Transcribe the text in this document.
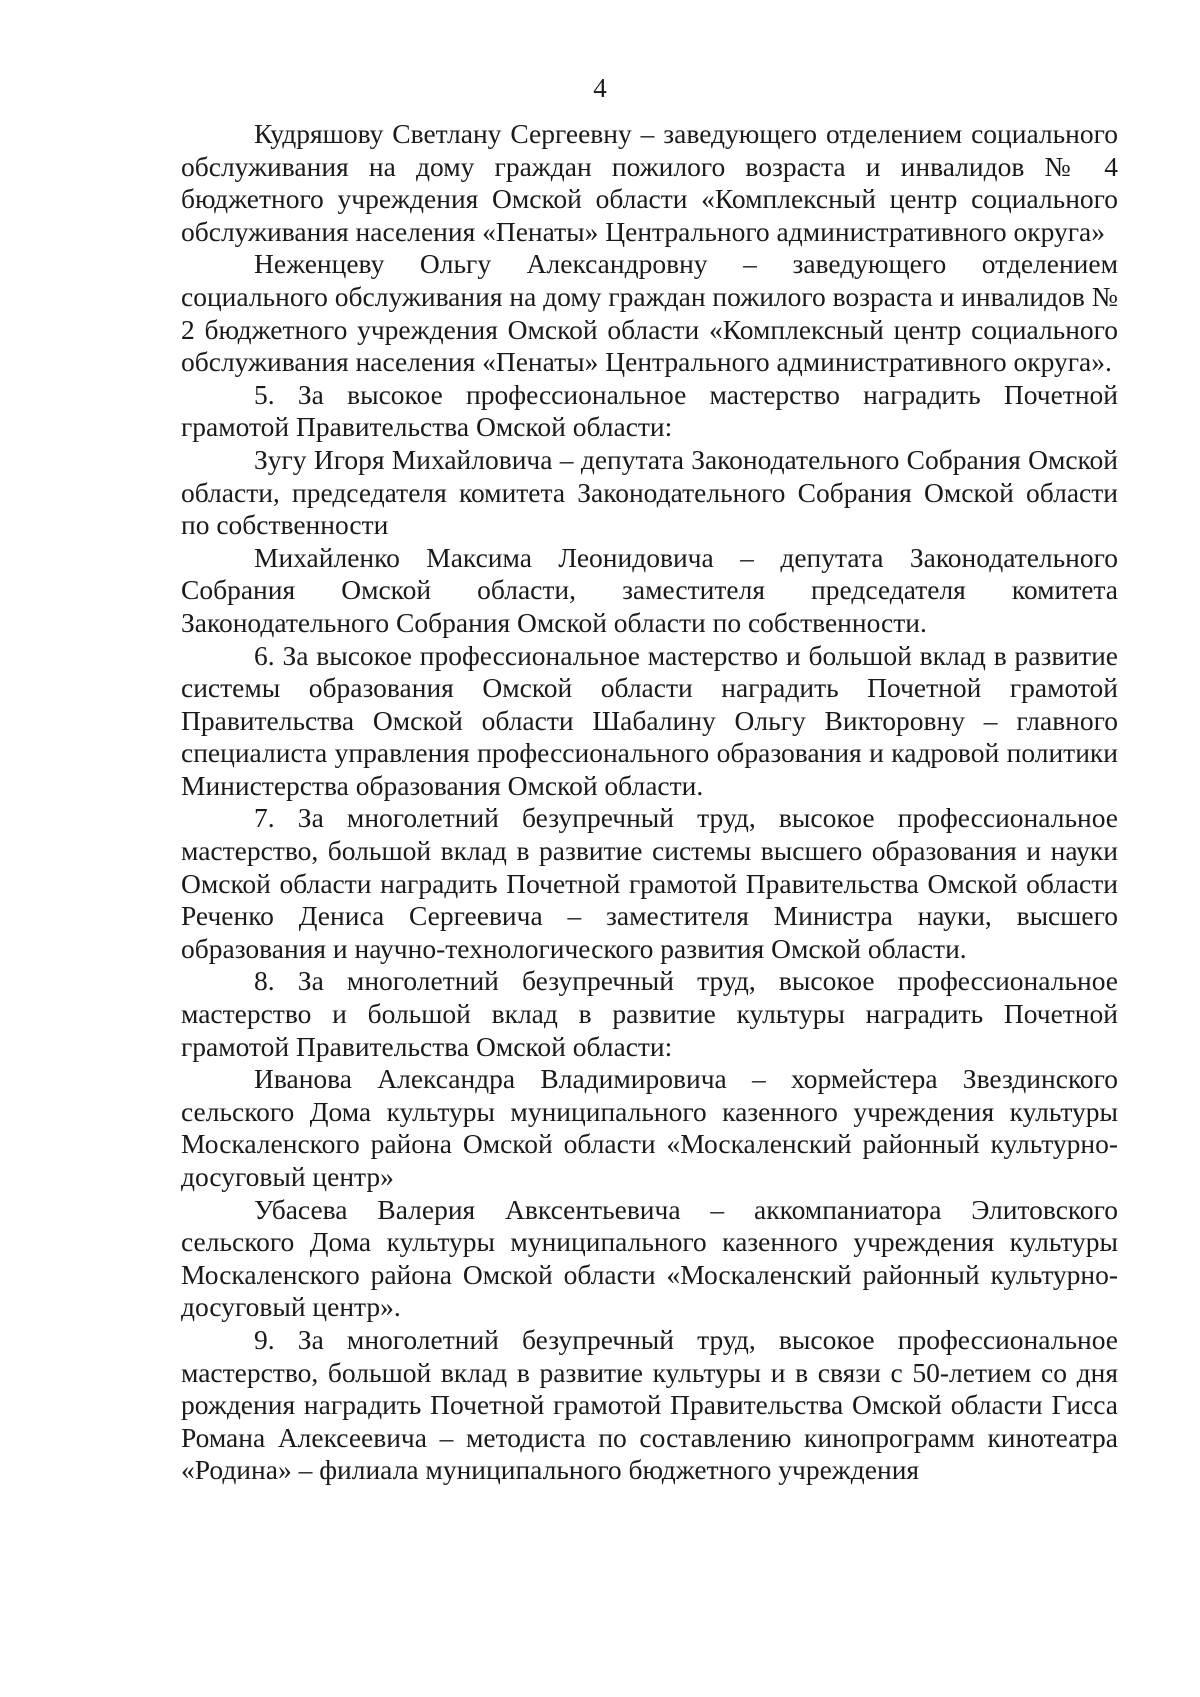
4

Кудряшову Светлану Сергеевну – заведующего отделением социального обслуживания на дому граждан пожилого возраста и инвалидов № 4 бюджетного учреждения Омской области «Комплексный центр социального обслуживания населения «Пенаты» Центрального административного округа»

Неженцеву Ольгу Александровну – заведующего отделением социального обслуживания на дому граждан пожилого возраста и инвалидов № 2 бюджетного учреждения Омской области «Комплексный центр социального обслуживания населения «Пенаты» Центрального административного округа».

5. За высокое профессиональное мастерство наградить Почетной грамотой Правительства Омской области:

Зугу Игоря Михайловича – депутата Законодательного Собрания Омской области, председателя комитета Законодательного Собрания Омской области по собственности

Михайленко Максима Леонидовича – депутата Законодательного Собрания Омской области, заместителя председателя комитета Законодательного Собрания Омской области по собственности.

6. За высокое профессиональное мастерство и большой вклад в развитие системы образования Омской области наградить Почетной грамотой Правительства Омской области Шабалину Ольгу Викторовну – главного специалиста управления профессионального образования и кадровой политики Министерства образования Омской области.

7. За многолетний безупречный труд, высокое профессиональное мастерство, большой вклад в развитие системы высшего образования и науки Омской области наградить Почетной грамотой Правительства Омской области Реченко Дениса Сергеевича – заместителя Министра науки, высшего образования и научно-технологического развития Омской области.

8. За многолетний безупречный труд, высокое профессиональное мастерство и большой вклад в развитие культуры наградить Почетной грамотой Правительства Омской области:

Иванова Александра Владимировича – хормейстера Звездинского сельского Дома культуры муниципального казенного учреждения культуры Москаленского района Омской области «Москаленский районный культурно-досуговый центр»

Убасева Валерия Авксентьевича – аккомпаниатора Элитовского сельского Дома культуры муниципального казенного учреждения культуры Москаленского района Омской области «Москаленский районный культурно-досуговый центр».

9. За многолетний безупречный труд, высокое профессиональное мастерство, большой вклад в развитие культуры и в связи с 50-летием со дня рождения наградить Почетной грамотой Правительства Омской области Гисса Романа Алексеевича – методиста по составлению кинопрограмм кинотеатра «Родина» – филиала муниципального бюджетного учреждения
